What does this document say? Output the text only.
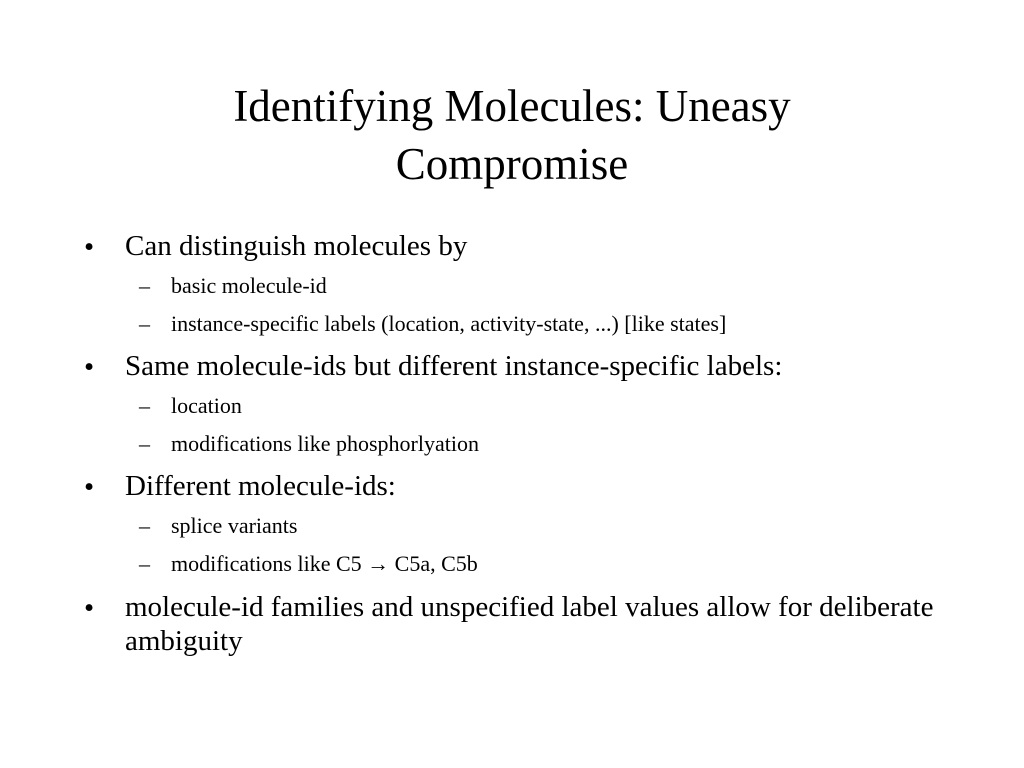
Identifying Molecules: Uneasy
Compromise
• Can distinguish molecules by
– basic molecule-id
– instance-specific labels (location, activity-state, ...) [like states]
• Same molecule-ids but different instance-specific labels:
– location
– modifications like phosphorlyation
• Different molecule-ids:
– splice variants
– modifications like C5 → C5a, C5b
• molecule-id families and unspecified label values allow for deliberate ambiguity
